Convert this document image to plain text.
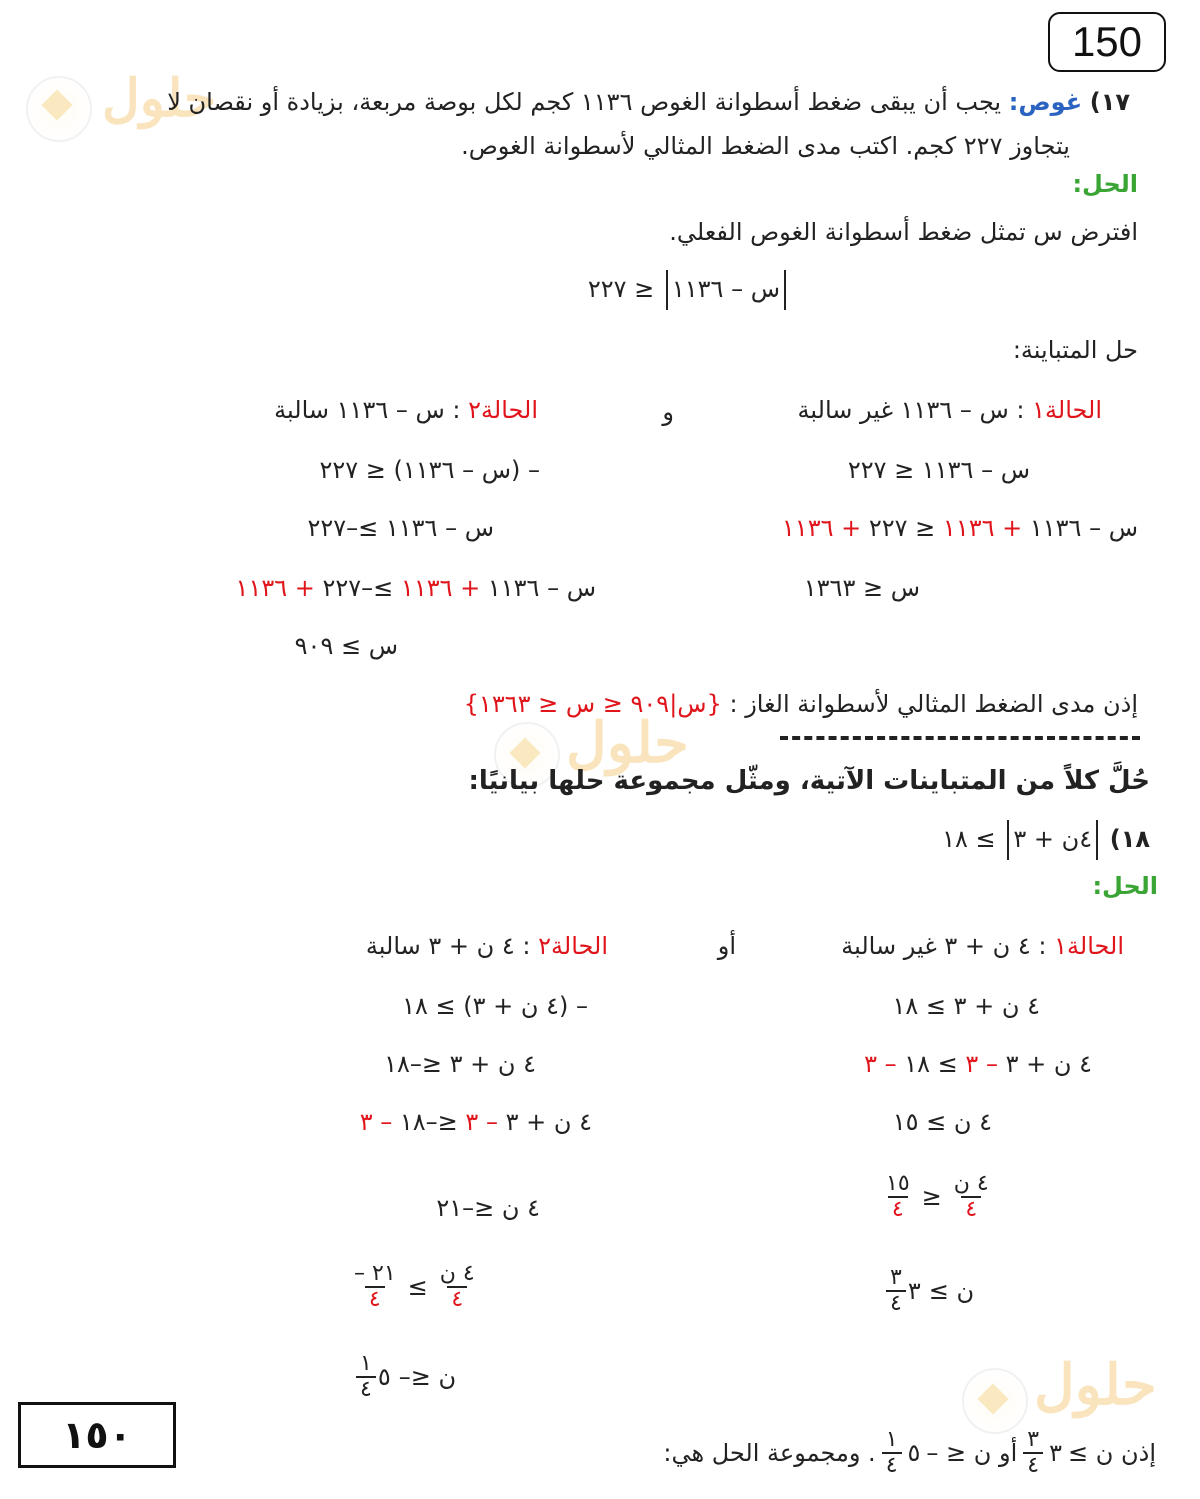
حلول
حلول
حلول
150
١٧) غوص: يجب أن يبقى ضغط أسطوانة الغوص ١١٣٦ كجم لكل بوصة مربعة، بزيادة أو نقصان لا
يتجاوز ٢٢٧ كجم. اكتب مدى الضغط المثالي لأسطوانة الغوص.
الحل:
افترض س تمثل ضغط أسطوانة الغوص الفعلي.
س – ١١٣٦ ≤ ٢٢٧
حل المتباينة:
الحالة١ : س – ١١٣٦ غير سالبة
و
الحالة٢ : س – ١١٣٦ سالبة
س – ١١٣٦ ≤ ٢٢٧
س – ١١٣٦ + ١١٣٦ ≤ ٢٢٧ + ١١٣٦
س ≤ ١٣٦٣
– (س – ١١٣٦) ≤ ٢٢٧
س – ١١٣٦ ≥–٢٢٧
س – ١١٣٦ + ١١٣٦ ≥–٢٢٧ + ١١٣٦
س ≥ ٩٠٩
إذن مدى الضغط المثالي لأسطوانة الغاز : {س|٩٠٩ ≤ س ≤ ١٣٦٣}
حُلَّ كلاً من المتباينات الآتية، ومثّل مجموعة حلها بيانيًا:
١٨) ٤ن + ٣ ≥ ١٨
الحل:
الحالة١ : ٤ ن + ٣ غير سالبة
أو
الحالة٢ : ٤ ن + ٣ سالبة
٤ ن + ٣ ≥ ١٨
٤ ن + ٣ – ٣ ≥ ١٨ – ٣
٤ ن ≥ ١٥
$\frac{١٥}{٤} \ge \frac{\text{٤ ن}}{٤}$
$\frac{٣}{٤}$ ٣ ن ≥
– (٤ ن + ٣) ≥ ١٨
٤ ن + ٣ ≤–١٨
٤ ن + ٣ – ٣ ≤–١٨ – ٣
٤ ن ≤–٢١
$\frac{- ٢١}{٤} \le \frac{\text{٤ ن}}{٤}$
$\frac{١}{٤}$ ٥ ن ≤–
إذن ن ≥
٣
$\frac{٣}{٤}$
أو ن ≤ –
٥
$\frac{١}{٤}$
. ومجموعة الحل هي:
١٥٠
